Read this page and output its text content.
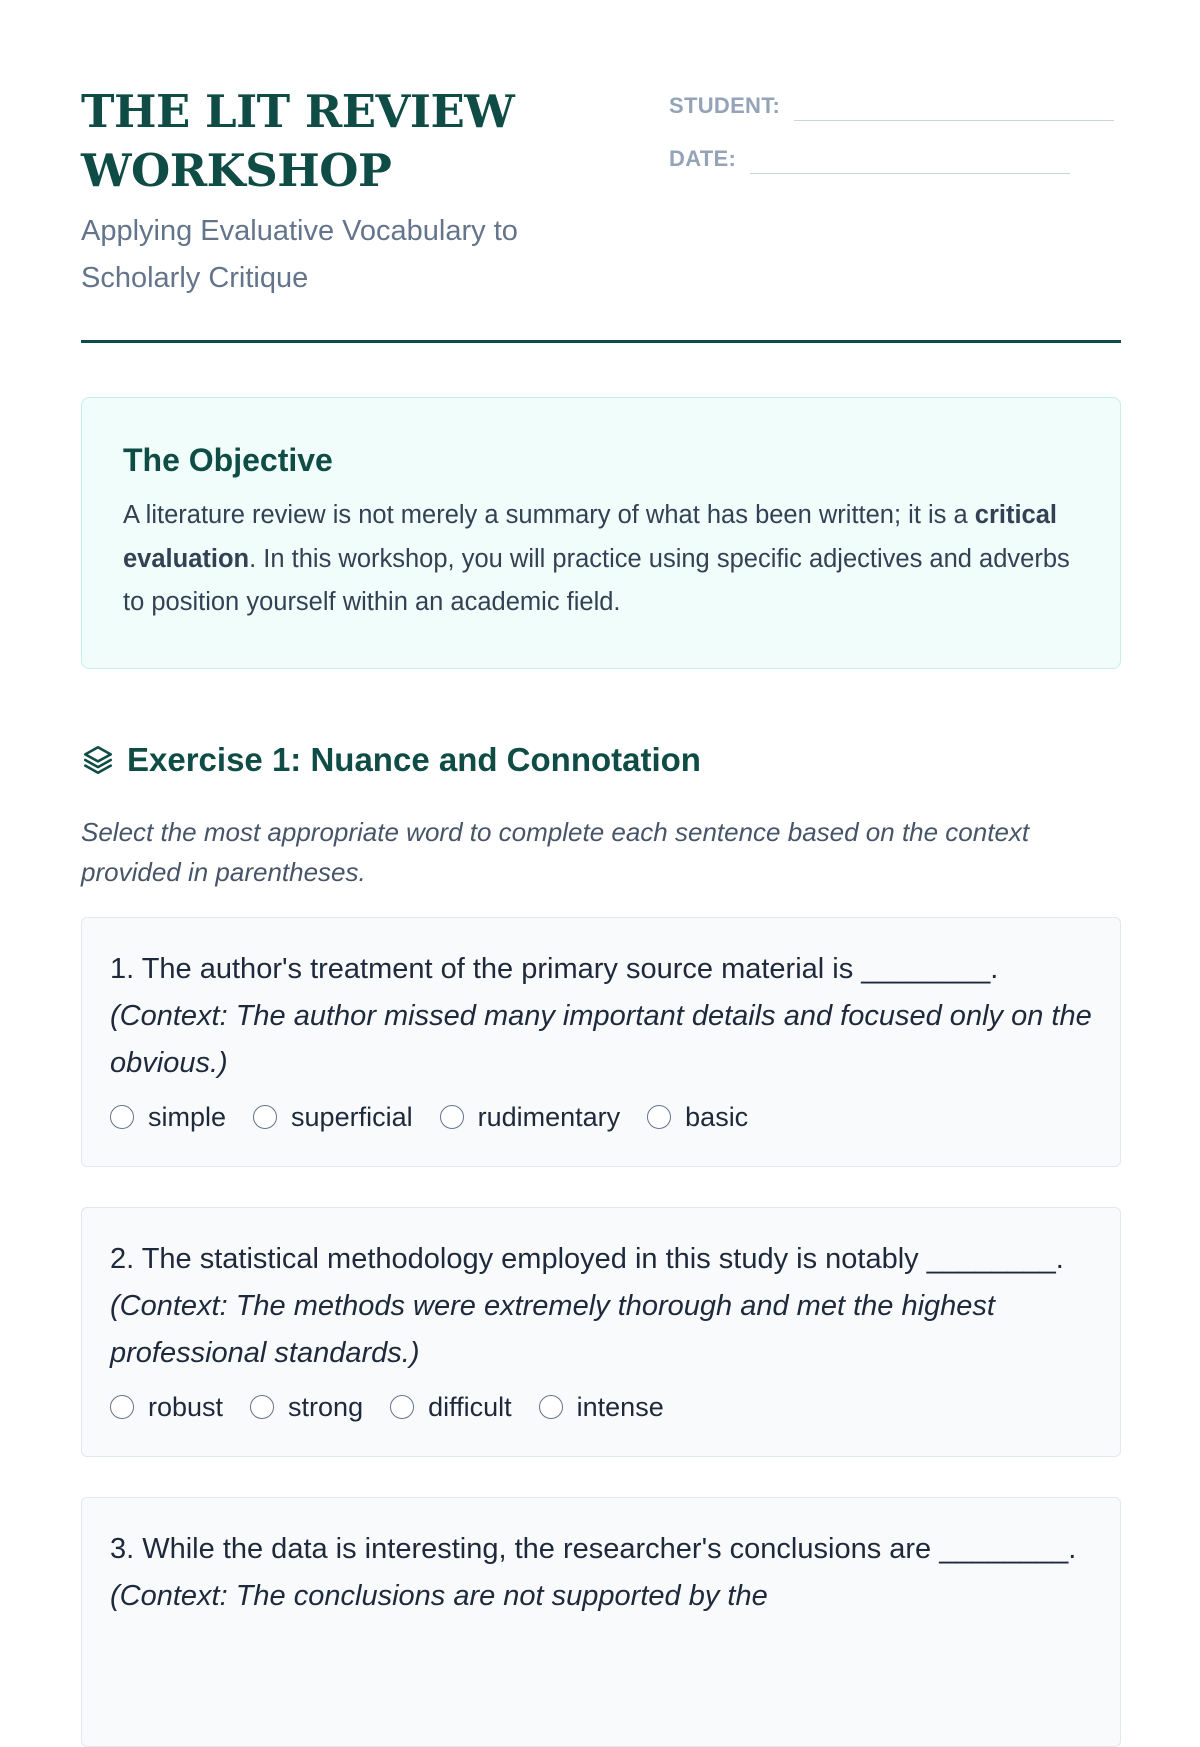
THE LIT REVIEW WORKSHOP

Applying Evaluative Vocabulary to Scholarly Critique

STUDENT:
DATE:
The Objective

A literature review is not merely a summary of what has been written; it is a critical evaluation. In this workshop, you will practice using specific adjectives and adverbs to position yourself within an academic field.

Exercise 1: Nuance and Connotation

Select the most appropriate word to complete each sentence based on the context provided in parentheses.

1. The author's treatment of the primary source material is ________. (Context: The author missed many important details and focused only on the obvious.)

simple superficial rudimentary basic

2. The statistical methodology employed in this study is notably ________. (Context: The methods were extremely thorough and met the highest professional standards.)

robust strong difficult intense

3. While the data is interesting, the researcher's conclusions are ________. (Context: The conclusions are not supported by the
